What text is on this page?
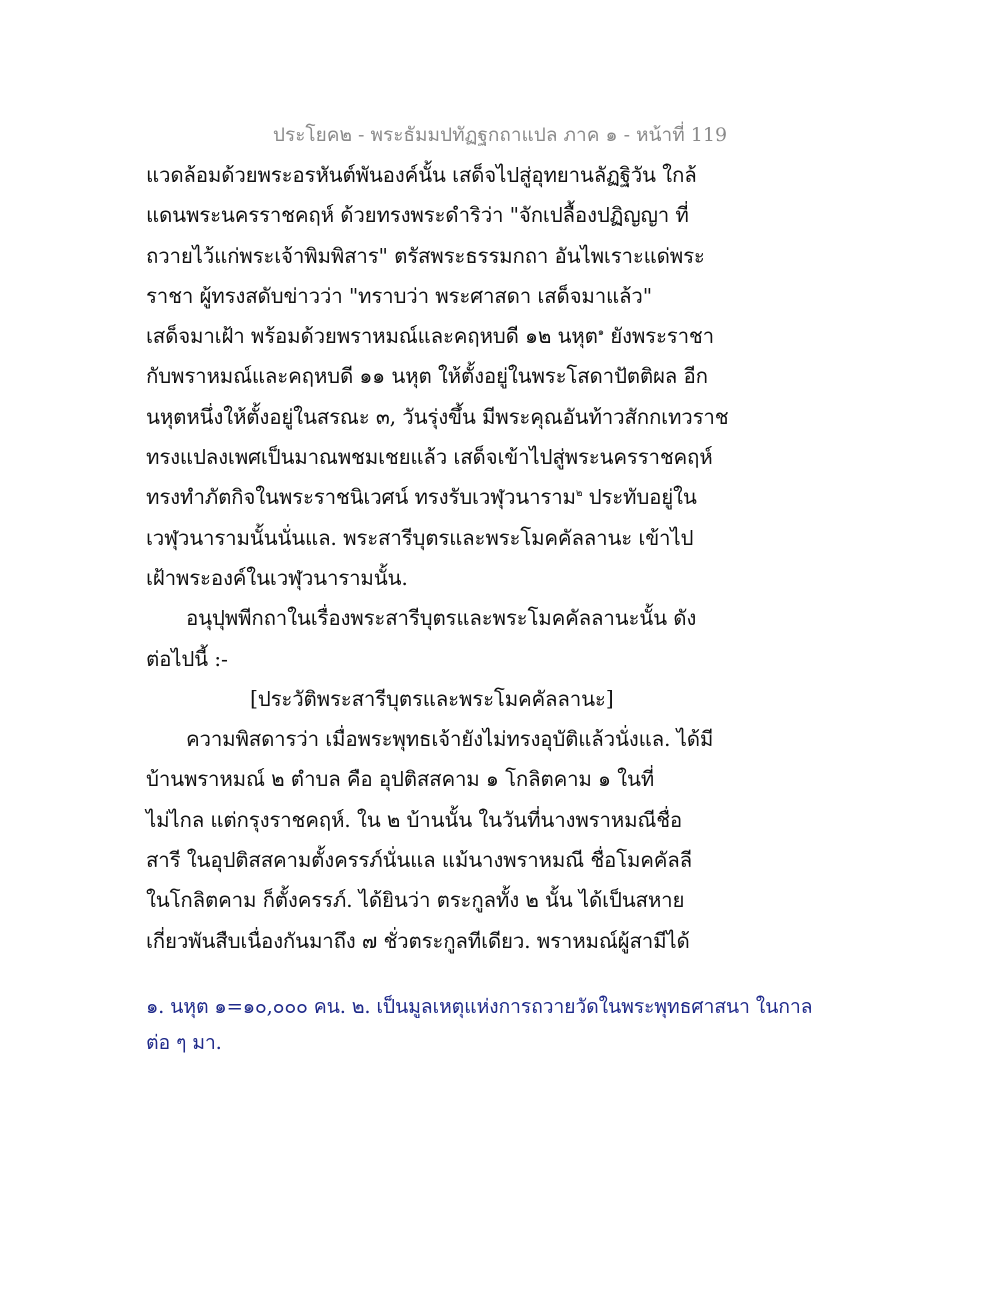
ประโยค๒ - พระธัมมปทัฏฐกถาแปล ภาค ๑ - หน้าที่ 119
แวดล้อมด้วยพระอรหันต์พันองค์นั้น เสด็จไปสู่อุทยานลัฏฐิวัน ใกล้
แดนพระนครราชคฤห์ ด้วยทรงพระดำริว่า "จักเปลื้องปฏิญญา ที่
ถวายไว้แก่พระเจ้าพิมพิสาร" ตรัสพระธรรมกถา อันไพเราะแด่พระ
ราชา ผู้ทรงสดับข่าวว่า "ทราบว่า พระศาสดา เสด็จมาแล้ว"
เสด็จมาเฝ้า พร้อมด้วยพราหมณ์และคฤหบดี ๑๒ นหุต$^๑$ ยังพระราชา
กับพราหมณ์และคฤหบดี ๑๑ นหุต ให้ตั้งอยู่ในพระโสดาปัตติผล อีก
นหุตหนึ่งให้ตั้งอยู่ในสรณะ ๓, วันรุ่งขึ้น มีพระคุณอันท้าวสักกเทวราช
ทรงแปลงเพศเป็นมาณพชมเชยแล้ว เสด็จเข้าไปสู่พระนครราชคฤห์
ทรงทำภัตกิจในพระราชนิเวศน์ ทรงรับเวฬุวนาราม$^๒$ ประทับอยู่ใน
เวฬุวนารามนั้นนั่นแล. พระสารีบุตรและพระโมคคัลลานะ เข้าไป
เฝ้าพระองค์ในเวฬุวนารามนั้น.
อนุปุพพีกถาในเรื่องพระสารีบุตรและพระโมคคัลลานะนั้น ดัง
ต่อไปนี้ :-
[ประวัติพระสารีบุตรและพระโมคคัลลานะ]
ความพิสดารว่า เมื่อพระพุทธเจ้ายังไม่ทรงอุบัติแล้วนั่งแล. ได้มี
บ้านพราหมณ์ ๒ ตำบล คือ อุปติสสคาม ๑ โกลิตคาม ๑ ในที่
ไม่ไกล แต่กรุงราชคฤห์. ใน ๒ บ้านนั้น ในวันที่นางพราหมณีชื่อ
สารี ในอุปติสสคามตั้งครรภ์นั่นแล แม้นางพราหมณี ชื่อโมคคัลลี
ในโกลิตคาม ก็ตั้งครรภ์. ได้ยินว่า ตระกูลทั้ง ๒ นั้น ได้เป็นสหาย
เกี่ยวพันสืบเนื่องกันมาถึง ๗ ชั่วตระกูลทีเดียว. พราหมณ์ผู้สามีได้
๑. นหุต ๑=๑๐,๐๐๐ คน. ๒. เป็นมูลเหตุแห่งการถวายวัดในพระพุทธศาสนา ในกาล
ต่อ ๆ มา.
